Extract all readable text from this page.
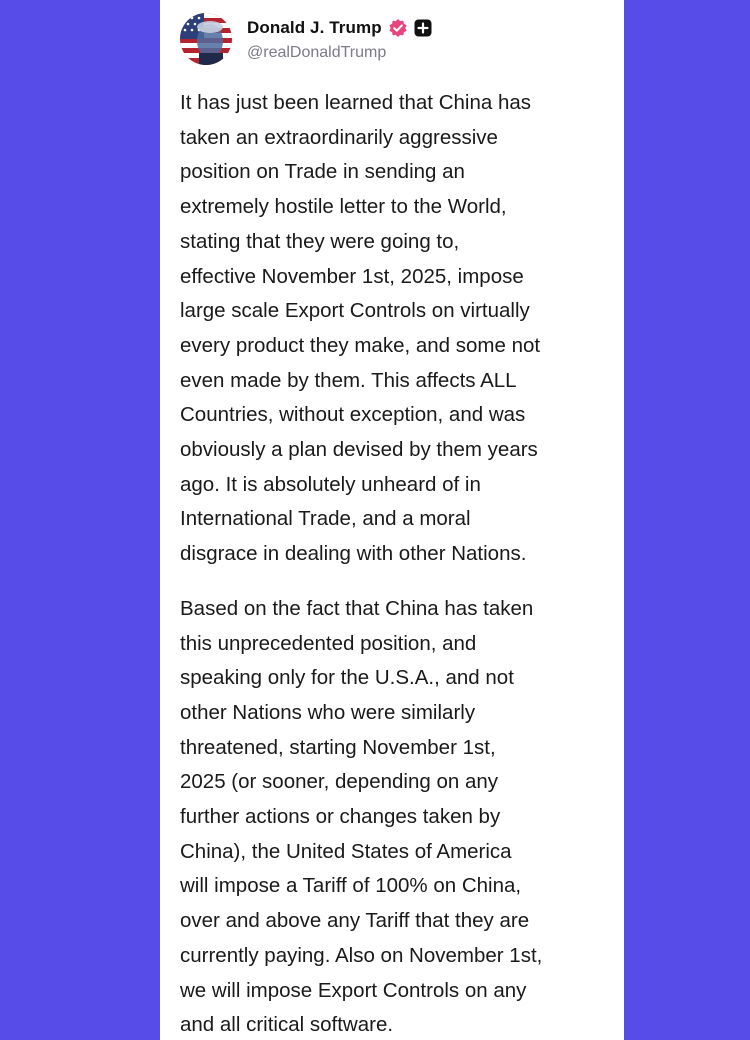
Donald J. Trump
@realDonaldTrump

It has just been learned that China has
taken an extraordinarily aggressive
position on Trade in sending an
extremely hostile letter to the World,
stating that they were going to,
effective November 1st, 2025, impose
large scale Export Controls on virtually
every product they make, and some not
even made by them. This affects ALL
Countries, without exception, and was
obviously a plan devised by them years
ago. It is absolutely unheard of in
International Trade, and a moral
disgrace in dealing with other Nations.

Based on the fact that China has taken
this unprecedented position, and
speaking only for the U.S.A., and not
other Nations who were similarly
threatened, starting November 1st,
2025 (or sooner, depending on any
further actions or changes taken by
China), the United States of America
will impose a Tariff of 100% on China,
over and above any Tariff that they are
currently paying. Also on November 1st,
we will impose Export Controls on any
and all critical software.
